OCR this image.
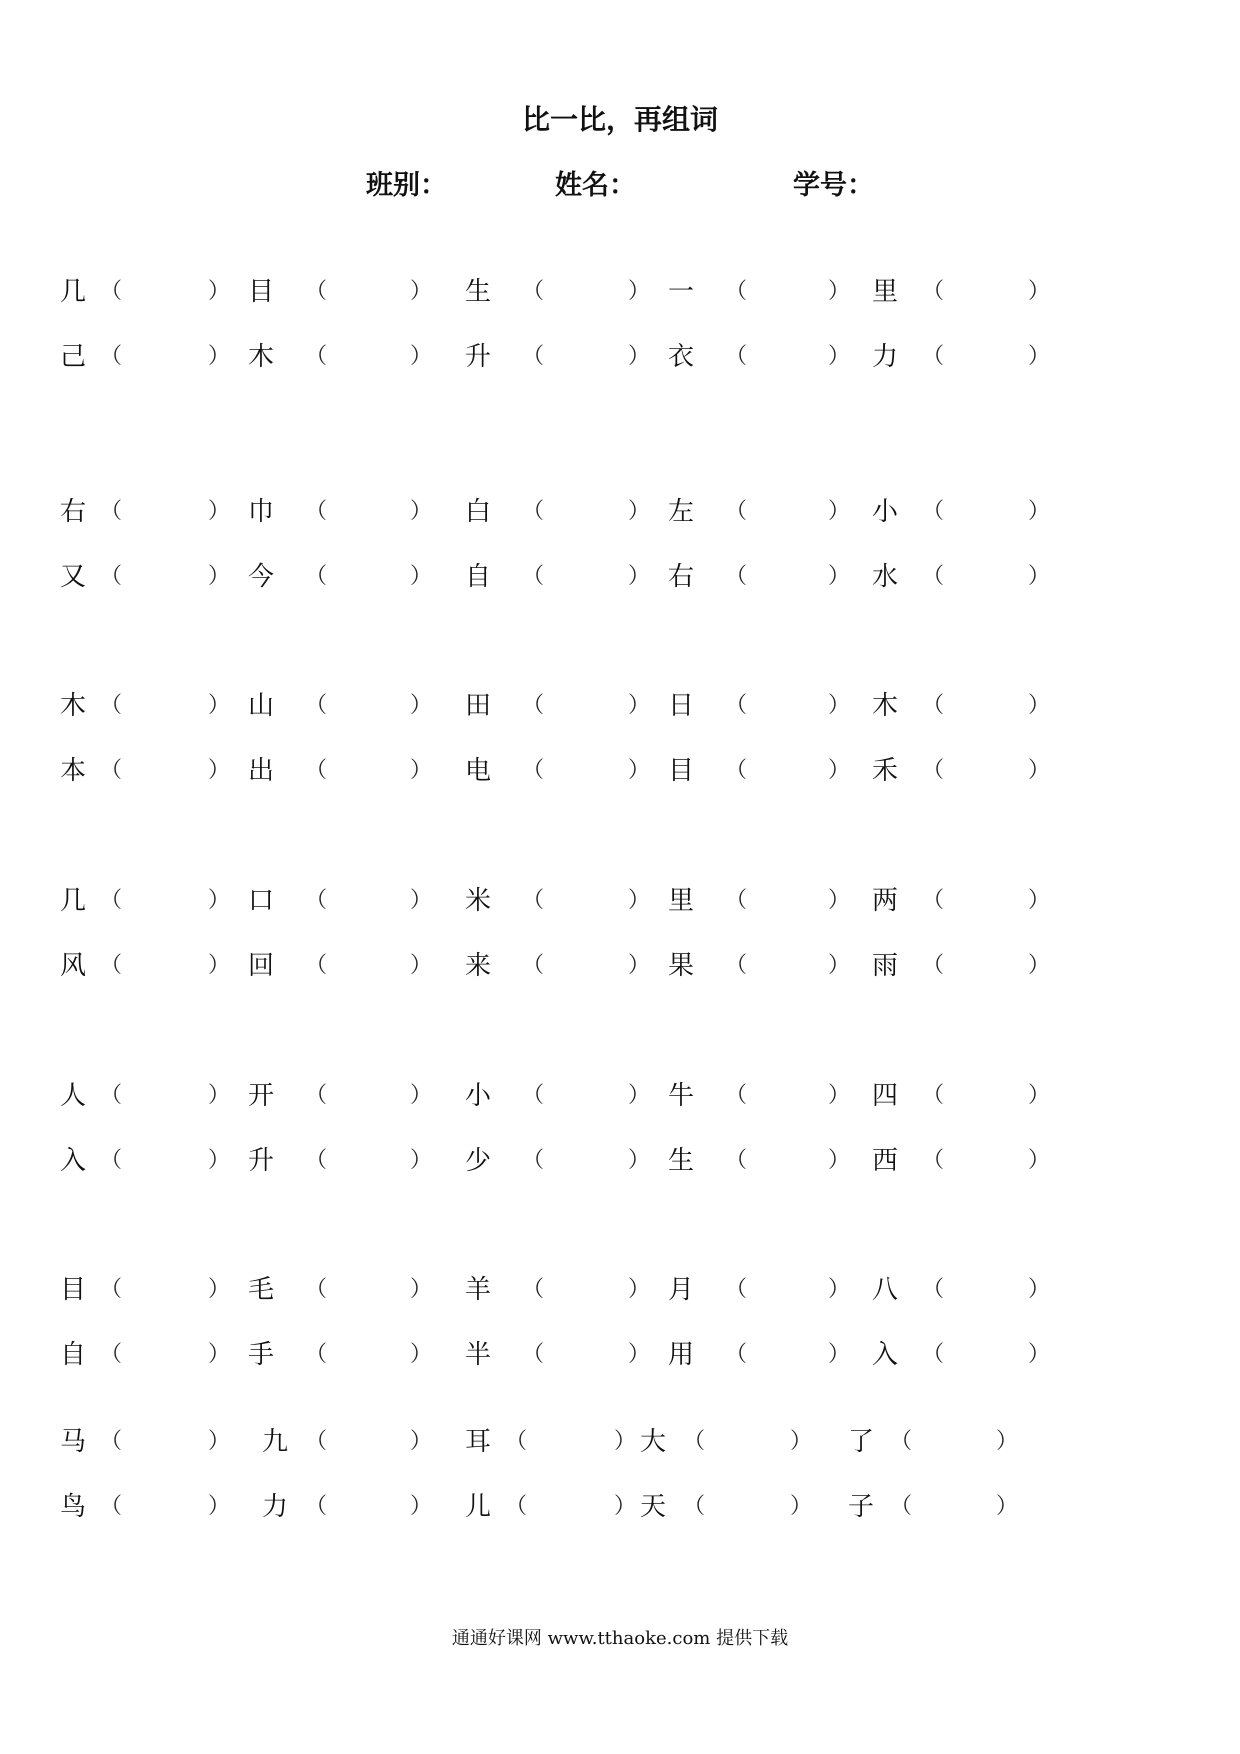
比一比，再组词
班别：	姓名：	学号：
几 （	） 目 （	） 生 （	） 一 （	） 里 （	）
己 （	） 木 （	） 升 （	） 衣 （	） 力 （	）
右 （	） 巾 （	） 白 （	） 左 （	） 小 （	）
又 （	） 今 （	） 自 （	） 右 （	） 水 （	）
木 （	） 山 （	） 田 （	） 日 （	） 木 （	）
本 （	） 出 （	） 电 （	） 目 （	） 禾 （	）
几 （	） 口 （	） 米 （	） 里 （	） 两 （	）
风 （	） 回 （	） 来 （	） 果 （	） 雨 （	）
人 （	） 开 （	） 小 （	） 牛 （	） 四 （	）
入 （	） 升 （	） 少 （	） 生 （	） 西 （	）
目 （	） 毛 （	） 羊 （	） 月 （	） 八 （	）
自 （	） 手 （	） 半 （	） 用 （	） 入 （	）
马 （	） 九 （	） 耳 （	） 大 （	） 了 （	）
鸟 （	） 力 （	） 儿 （	） 天 （	） 子 （	）
通通好课网 www.tthaoke.com 提供下载
